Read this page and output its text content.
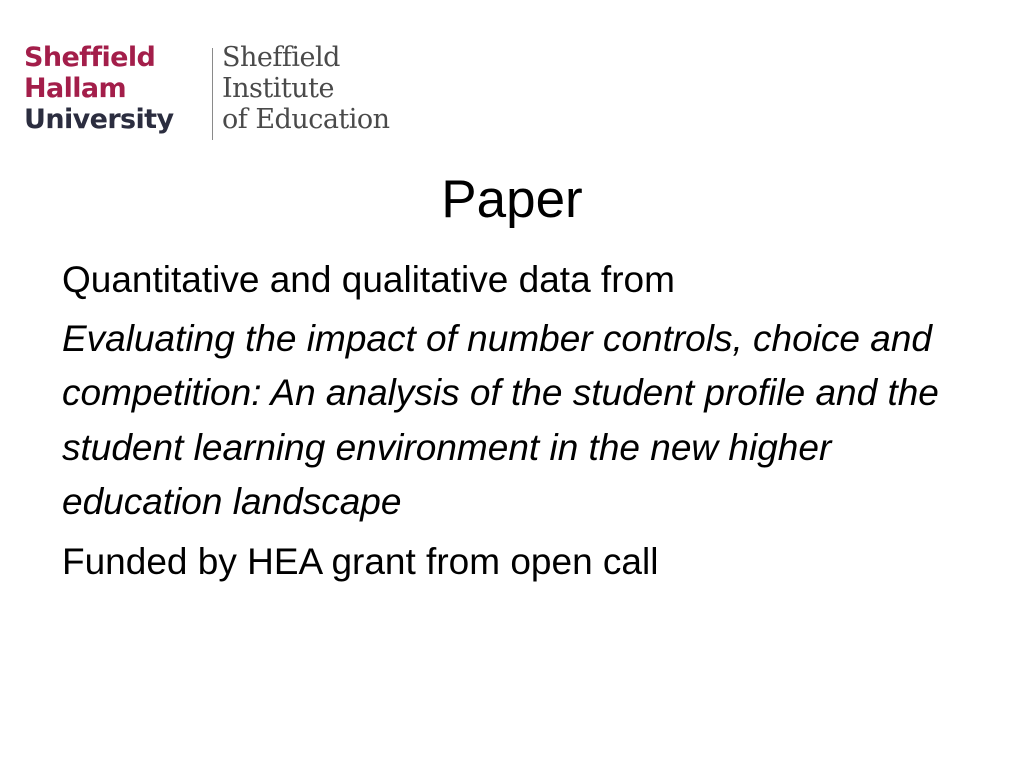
Sheffield
Hallam
University
Sheffield
Institute
of Education
Paper

Quantitative and qualitative data from

Evaluating the impact of number controls, choice and competition: An analysis of the student profile and the student learning environment in the new higher education landscape

Funded by HEA grant from open call
